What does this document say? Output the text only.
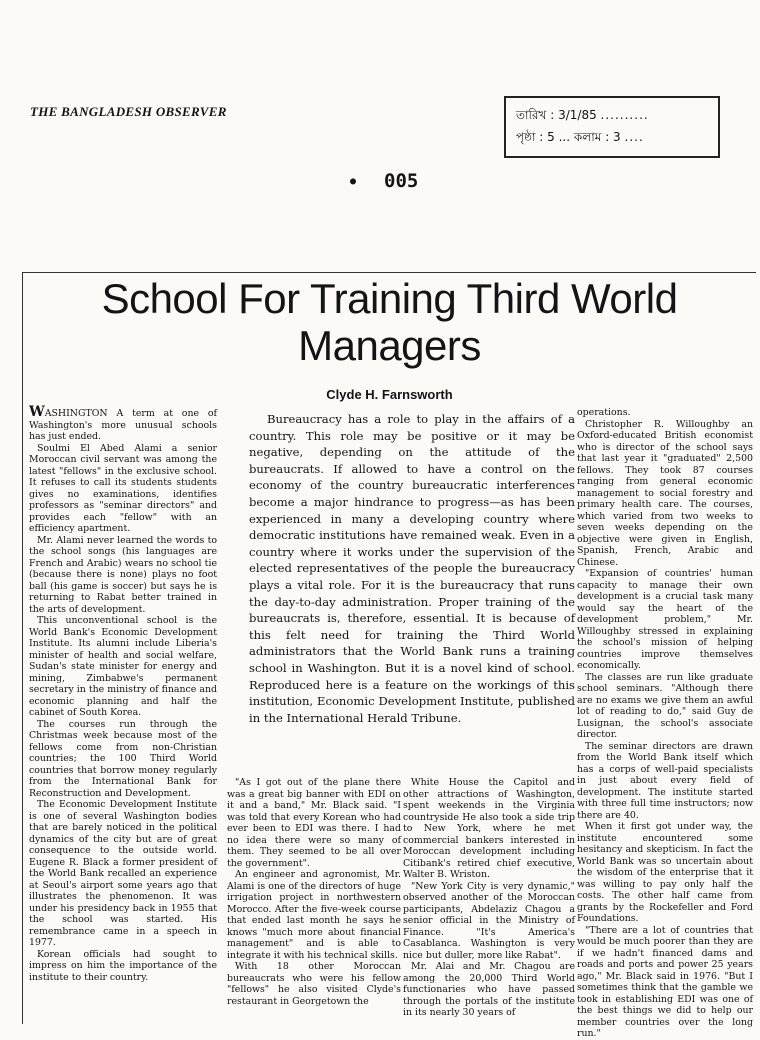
THE BANGLADESH OBSERVER	তারিখ : 3/1/85 ..........
পৃষ্ঠা : 5 ... কলাম : 3 ....
● 005
School For Training Third World Managers
Clyde H. Farnsworth

WASHINGTON A term at one of Washington's more unusual schools has just ended.

Soulmi El Abed Alami a senior Moroccan civil servant was among the latest "fellows" in the exclusive school. It refuses to call its students students gives no examinations, identifies professors as "seminar directors" and provides each "fellow" with an efficiency apartment.

Mr. Alami never learned the words to the school songs (his languages are French and Arabic) wears no school tie (because there is none) plays no foot ball (his game is soccer) but says he is returning to Rabat better trained in the arts of development.

This unconventional school is the World Bank's Economic Development Institute. Its alumni include Liberia's minister of health and social welfare, Sudan's state minister for energy and mining, Zimbabwe's permanent secretary in the ministry of finance and economic planning and half the cabinet of South Korea.

The courses run through the Christmas week because most of the fellows come from non-Christian countries; the 100 Third World countries that borrow money regularly from the International Bank for Reconstruction and Development.

The Economic Development Institute is one of several Washington bodies that are barely noticed in the political dynamics of the city but are of great consequence to the outside world. Eugene R. Black a former president of the World Bank recalled an experience at Seoul's airport some years ago that illustrates the phenomenon. It was under his presidency back in 1955 that the school was started. His remembrance came in a speech in 1977.

Korean officials had sought to impress on him the importance of the institute to their country.

Bureaucracy has a role to play in the affairs of a country. This role may be positive or it may be negative, depending on the attitude of the bureaucrats. If allowed to have a control on the economy of the country bureaucratic interferences become a major hindrance to progress—as has been experienced in many a developing country where democratic institutions have remained weak. Even in a country where it works under the supervision of the elected representatives of the people the bureaucracy plays a vital role. For it is the bureaucracy that runs the day-to-day administration. Proper training of the bureaucrats is, therefore, essential. It is because of this felt need for training the Third World administrators that the World Bank runs a training school in Washington. But it is a novel kind of school. Reproduced here is a feature on the workings of this institution, Economic Development Institute, published in the International Herald Tribune.

"As I got out of the plane there was a great big banner with EDI on it and a band," Mr. Black said. "I was told that every Korean who had ever been to EDI was there. I had no idea there were so many of them. They seemed to be all over the government".

An engineer and agronomist, Mr. Alami is one of the directors of huge irrigation project in northwestern Morocco. After the five-week course that ended last month he says he knows "much more about financial management" and is able to integrate it with his technical skills.

With 18 other Moroccan bureaucrats who were his fellow "fellows" he also visited Clyde's restaurant in Georgetown the

White House the Capitol and other attractions of Washington, spent weekends in the Virginia countryside He also took a side trip to New York, where he met commercial bankers interested in Moroccan development including Citibank's retired chief executive, Walter B. Wriston.

"New York City is very dynamic," observed another of the Moroccan participants, Abdelaziz Chagou a senior official in the Ministry of Finance. "It's America's Casablanca. Washington is very nice but duller, more like Rabat".

Mr. Alai and Mr. Chagou are among the 20,000 Third World functionaries who have passed through the portals of the institute in its nearly 30 years of

operations.

Christopher R. Willoughby an Oxford-educated British economist who is director of the school says that last year it "graduated" 2,500 fellows. They took 87 courses ranging from general economic management to social forestry and primary health care. The courses, which varied from two weeks to seven weeks depending on the objective were given in English, Spanish, French, Arabic and Chinese.

"Expansion of countries' human capacity to manage their own development is a crucial task many would say the heart of the development problem," Mr. Willoughby stressed in explaining the school's mission of helping countries improve themselves economically.

The classes are run like graduate school seminars. "Although there are no exams we give them an awful lot of reading to do," said Guy de Lusignan, the school's associate director.

The seminar directors are drawn from the World Bank itself which has a corps of well-paid specialists in just about every field of development. The institute started with three full time instructors; now there are 40.

When it first got under way, the institute encountered some hesitancy and skepticism. In fact the World Bank was so uncertain about the wisdom of the enterprise that it was willing to pay only half the costs. The other half came from grants by the Rockefeller and Ford Foundations.

"There are a lot of countries that would be much poorer than they are if we hadn't financed dams and roads and ports and power 25 years ago," Mr. Black said in 1976. "But I sometimes think that the gamble we took in establishing EDI was one of the best things we did to help our member countries over the long run."
